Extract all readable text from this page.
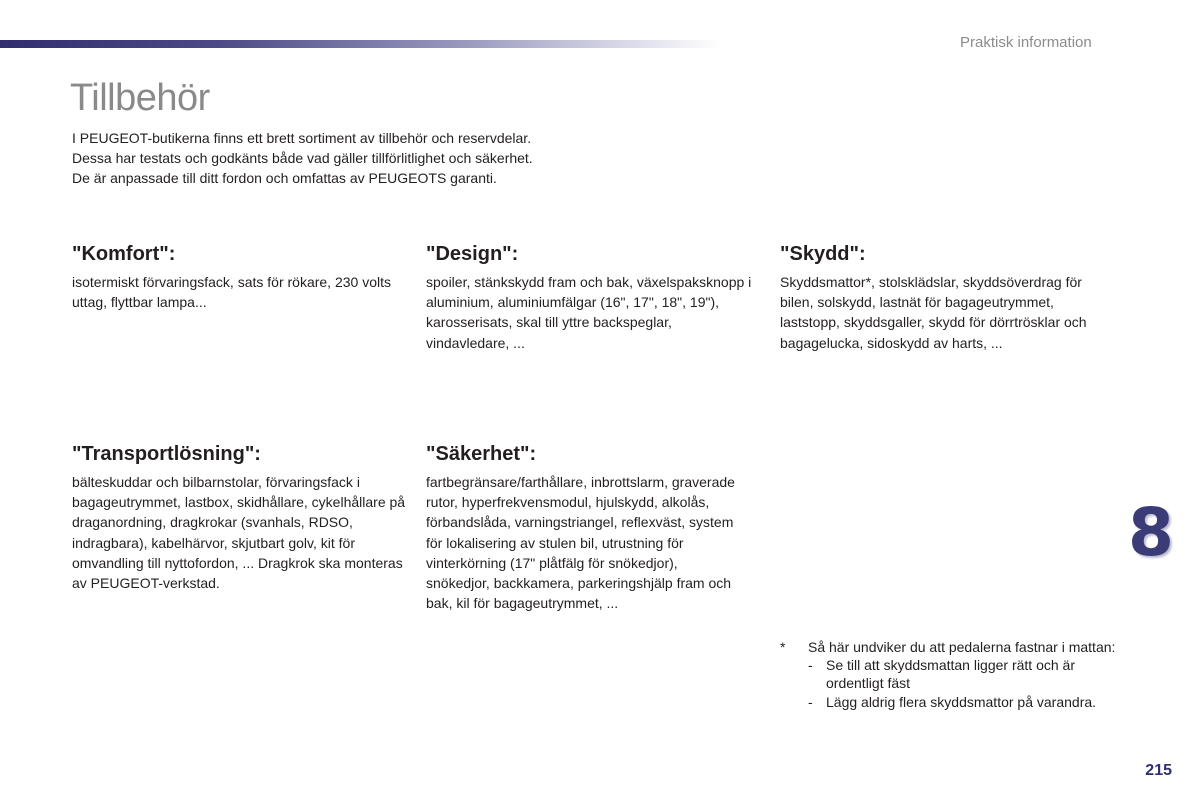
Praktisk information
Tillbehör

I PEUGEOT-butikerna finns ett brett sortiment av tillbehör och reservdelar.

Dessa har testats och godkänts både vad gäller tillförlitlighet och säkerhet.

De är anpassade till ditt fordon och omfattas av PEUGEOTS garanti.

"Komfort":

isotermiskt förvaringsfack, sats för rökare, 230 volts uttag, flyttbar lampa...

"Design":

spoiler, stänkskydd fram och bak, växelspaksknopp i aluminium, aluminiumfälgar (16", 17", 18", 19"), karosserisats, skal till yttre backspeglar, vindavledare, ...

"Skydd":

Skyddsmattor*, stolsklädslar, skyddsöverdrag för bilen, solskydd, lastnät för bagageutrymmet, laststopp, skyddsgaller, skydd för dörrtrösklar och bagagelucka, sidoskydd av harts, ...

"Transportlösning":

bälteskuddar och bilbarnstolar, förvaringsfack i bagageutrymmet, lastbox, skidhållare, cykelhållare på draganordning, dragkrokar (svanhals, RDSO, indragbara), kabelhärvor, skjutbart golv, kit för omvandling till nyttofordon, ... Dragkrok ska monteras av PEUGEOT-verkstad.

"Säkerhet":

fartbegränsare/farthållare, inbrottslarm, graverade rutor, hyperfrekvensmodul, hjulskydd, alkolås, förbandslåda, varningstriangel, reflexväst, system för lokalisering av stulen bil, utrustning för vinterkörning (17" plåtfälg för snökedjor), snökedjor, backkamera, parkeringshjälp fram och bak, kil för bagageutrymmet, ...

* Så här undviker du att pedalerna fastnar i mattan:
- Se till att skyddsmattan ligger rätt och är ordentligt fäst
- Lägg aldrig flera skyddsmattor på varandra.
8
215
